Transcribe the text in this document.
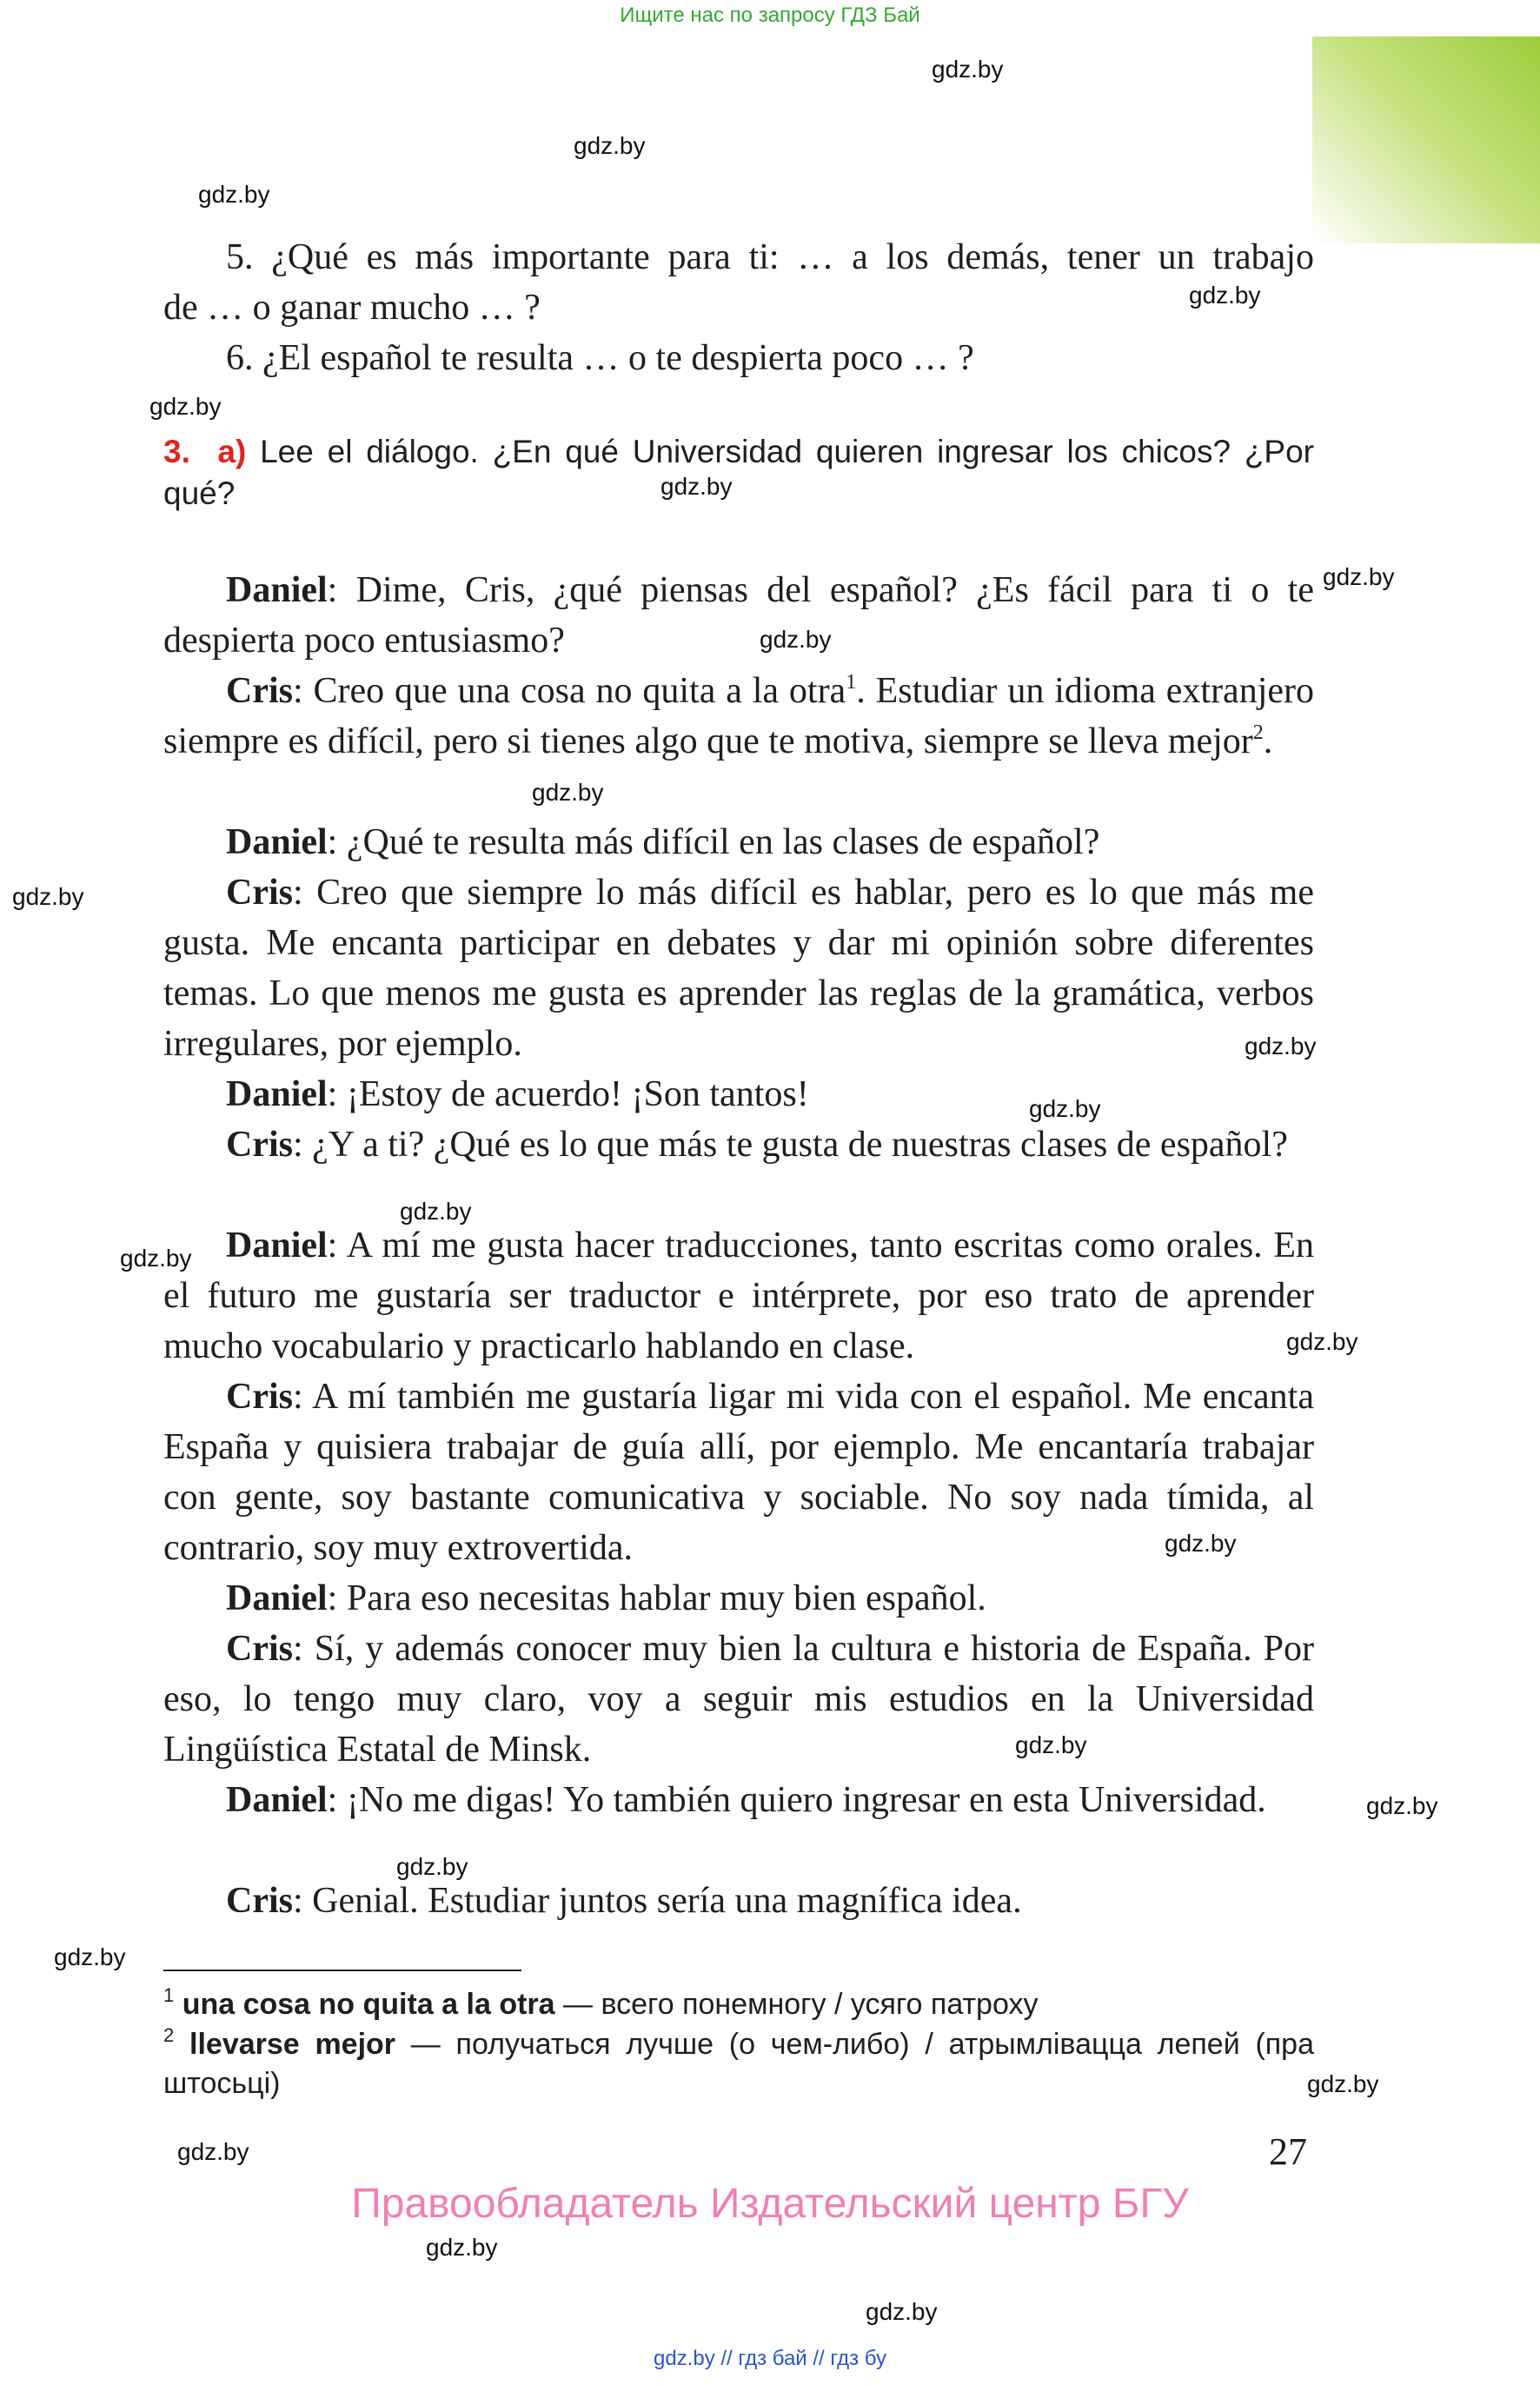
Ищите нас по запросу ГДЗ Бай
gdz.by
gdz.by
gdz.by
gdz.by
gdz.by
gdz.by
gdz.by
gdz.by
gdz.by
gdz.by
gdz.by
gdz.by
gdz.by
gdz.by
gdz.by
gdz.by
gdz.by
gdz.by
gdz.by
gdz.by
gdz.by
gdz.by
gdz.by
gdz.by
5. ¿Qué es más importante para ti: … a los demás, tener un trabajo
de … o ganar mucho … ?
6. ¿El español te resulta … o te despierta poco … ?
3. a) Lee el diálogo. ¿En qué Universidad quieren ingresar los chicos? ¿Por qué?
Daniel: Dime, Cris, ¿qué piensas del español? ¿Es fácil para ti o te despierta poco entusiasmo?
Cris: Creo que una cosa no quita a la otra$^1$. Estudiar un idioma extranjero siempre es difícil, pero si tienes algo que te motiva, siempre se lleva mejor$^2$.
Daniel: ¿Qué te resulta más difícil en las clases de español?
Cris: Creo que siempre lo más difícil es hablar, pero es lo que más me gusta. Me encanta participar en debates y dar mi opinión sobre diferentes temas. Lo que menos me gusta es aprender las reglas de la gramática, verbos irregulares, por ejemplo.
Daniel: ¡Estoy de acuerdo! ¡Son tantos!
Cris: ¿Y a ti? ¿Qué es lo que más te gusta de nuestras clases de español?
Daniel: A mí me gusta hacer traducciones, tanto escritas como orales. En el futuro me gustaría ser traductor e intérprete, por eso trato de aprender mucho vocabulario y practicarlo hablando en clase.
Cris: A mí también me gustaría ligar mi vida con el español. Me encanta España y quisiera trabajar de guía allí, por ejemplo. Me encantaría trabajar con gente, soy bastante comunicativa y sociable. No soy nada tímida, al contrario, soy muy extrovertida.
Daniel: Para eso necesitas hablar muy bien español.
Cris: Sí, y además conocer muy bien la cultura e historia de España. Por eso, lo tengo muy claro, voy a seguir mis estudios en la Universidad Lingüística Estatal de Minsk.
Daniel: ¡No me digas! Yo también quiero ingresar en esta Universidad.
Cris: Genial. Estudiar juntos sería una magnífica idea.
$^1$ una cosa no quita a la otra — всего понемногу / усяго патроху
$^2$ llevarse mejor — получаться лучше (о чем-либо) / атрымлівацца лепей (пра штосьці)
27
Правообладатель Издательский центр БГУ
gdz.by // гдз бай // гдз бу
